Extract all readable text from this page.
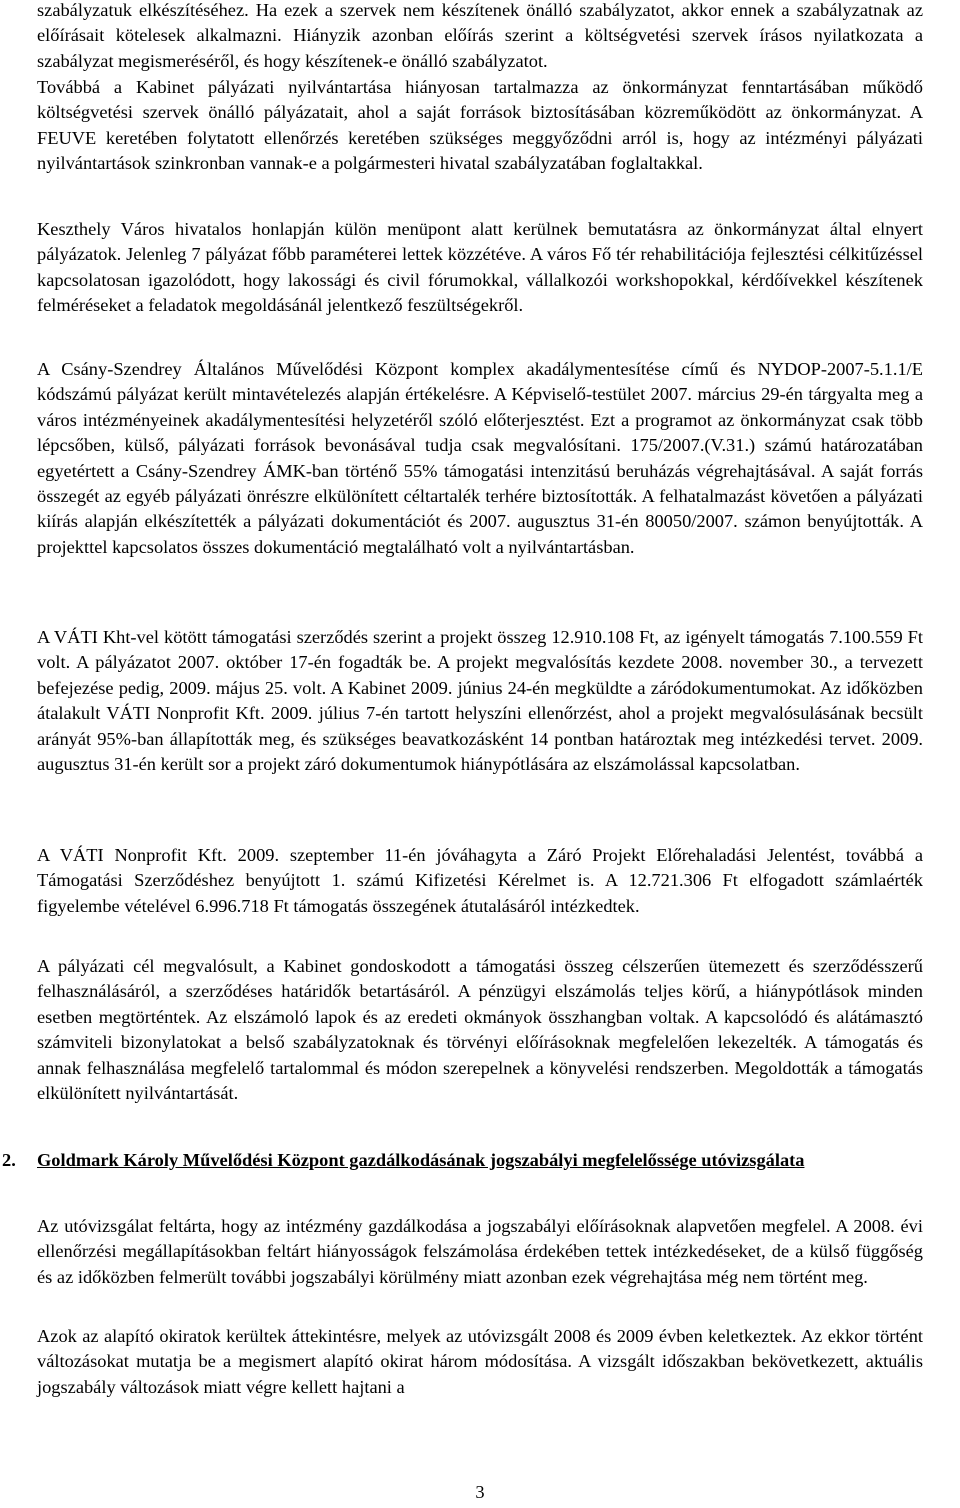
szabályzatuk elkészítéséhez. Ha ezek a szervek nem készítenek önálló szabályzatot, akkor ennek a szabályzatnak az előírásait kötelesek alkalmazni. Hiányzik azonban előírás szerint a költségvetési szervek írásos nyilatkozata a szabályzat megismeréséről, és hogy készítenek-e önálló szabályzatot.

Továbbá a Kabinet pályázati nyilvántartása hiányosan tartalmazza az önkormányzat fenntartásában működő költségvetési szervek önálló pályázatait, ahol a saját források biztosításában közreműködött az önkormányzat. A FEUVE keretében folytatott ellenőrzés keretében szükséges meggyőződni arról is, hogy az intézményi pályázati nyilvántartások szinkronban vannak-e a polgármesteri hivatal szabályzatában foglaltakkal.

Keszthely Város hivatalos honlapján külön menüpont alatt kerülnek bemutatásra az önkormányzat által elnyert pályázatok. Jelenleg 7 pályázat főbb paraméterei lettek közzétéve. A város Fő tér rehabilitációja fejlesztési célkitűzéssel kapcsolatosan igazolódott, hogy lakossági és civil fórumokkal, vállalkozói workshopokkal, kérdőívekkel készítenek felméréseket a feladatok megoldásánál jelentkező feszültségekről.

A Csány-Szendrey Általános Művelődési Központ komplex akadálymentesítése című és NYDOP-2007-5.1.1/E kódszámú pályázat került mintavételezés alapján értékelésre. A Képviselő-testület 2007. március 29-én tárgyalta meg a város intézményeinek akadálymentesítési helyzetéről szóló előterjesztést. Ezt a programot az önkormányzat csak több lépcsőben, külső, pályázati források bevonásával tudja csak megvalósítani. 175/2007.(V.31.) számú határozatában egyetértett a Csány-Szendrey ÁMK-ban történő 55% támogatási intenzitású beruházás végrehajtásával. A saját forrás összegét az egyéb pályázati önrészre elkülönített céltartalék terhére biztosították. A felhatalmazást követően a pályázati kiírás alapján elkészítették a pályázati dokumentációt és 2007. augusztus 31-én 80050/2007. számon benyújtották. A projekttel kapcsolatos összes dokumentáció megtalálható volt a nyilvántartásban.

A VÁTI Kht-vel kötött támogatási szerződés szerint a projekt összeg 12.910.108 Ft, az igényelt támogatás 7.100.559 Ft volt. A pályázatot 2007. október 17-én fogadták be. A projekt megvalósítás kezdete 2008. november 30., a tervezett befejezése pedig, 2009. május 25. volt. A Kabinet 2009. június 24-én megküldte a záródokumentumokat. Az időközben átalakult VÁTI Nonprofit Kft. 2009. július 7-én tartott helyszíni ellenőrzést, ahol a projekt megvalósulásának becsült arányát 95%-ban állapították meg, és szükséges beavatkozásként 14 pontban határoztak meg intézkedési tervet. 2009. augusztus 31-én került sor a projekt záró dokumentumok hiánypótlására az elszámolással kapcsolatban.

A VÁTI Nonprofit Kft. 2009. szeptember 11-én jóváhagyta a Záró Projekt Előrehaladási Jelentést, továbbá a Támogatási Szerződéshez benyújtott 1. számú Kifizetési Kérelmet is. A 12.721.306 Ft elfogadott számlaérték figyelembe vételével 6.996.718 Ft támogatás összegének átutalásáról intézkedtek.

A pályázati cél megvalósult, a Kabinet gondoskodott a támogatási összeg célszerűen ütemezett és szerződésszerű felhasználásáról, a szerződéses határidők betartásáról. A pénzügyi elszámolás teljes körű, a hiánypótlások minden esetben megtörténtek. Az elszámoló lapok és az eredeti okmányok összhangban voltak. A kapcsolódó és alátámasztó számviteli bizonylatokat a belső szabályzatoknak és törvényi előírásoknak megfelelően lekezelték. A támogatás és annak felhasználása megfelelő tartalommal és módon szerepelnek a könyvelési rendszerben. Megoldották a támogatás elkülönített nyilvántartását.

2.	Goldmark Károly Művelődési Központ gazdálkodásának jogszabályi megfelelőssége utóvizsgálata

Az utóvizsgálat feltárta, hogy az intézmény gazdálkodása a jogszabályi előírásoknak alapvetően megfelel. A 2008. évi ellenőrzési megállapításokban feltárt hiányosságok felszámolása érdekében tettek intézkedéseket, de a külső függőség és az időközben felmerült további jogszabályi körülmény miatt azonban ezek végrehajtása még nem történt meg.

Azok az alapító okiratok kerültek áttekintésre, melyek az utóvizsgált 2008 és 2009 évben keletkeztek. Az ekkor történt változásokat mutatja be a megismert alapító okirat három módosítása. A vizsgált időszakban bekövetkezett, aktuális jogszabály változások miatt végre kellett hajtani a

3
